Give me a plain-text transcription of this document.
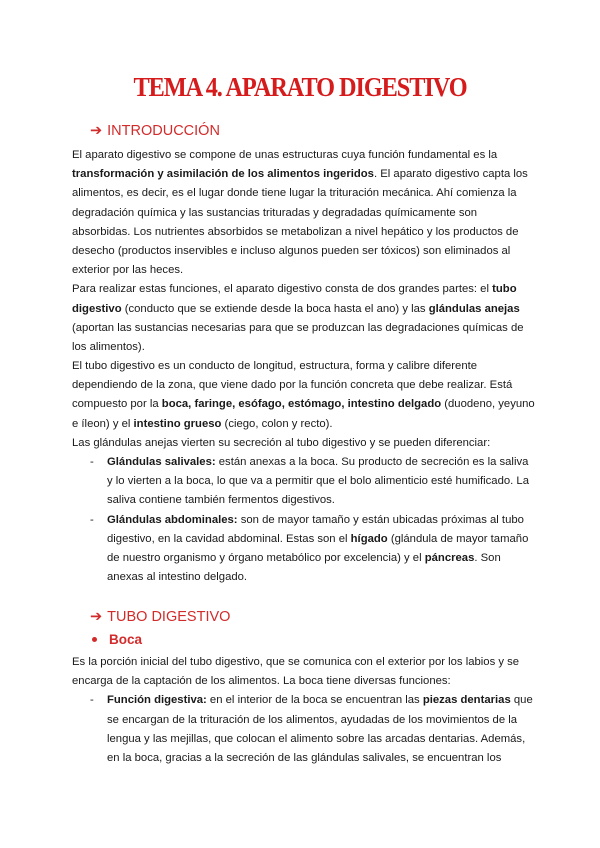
TEMA 4. APARATO DIGESTIVO
➔ INTRODUCCIÓN
El aparato digestivo se compone de unas estructuras cuya función fundamental es la
transformación y asimilación de los alimentos ingeridos. El aparato digestivo capta los
alimentos, es decir, es el lugar donde tiene lugar la trituración mecánica. Ahí comienza la
degradación química y las sustancias trituradas y degradadas químicamente son
absorbidas. Los nutrientes absorbidos se metabolizan a nivel hepático y los productos de
desecho (productos inservibles e incluso algunos pueden ser tóxicos) son eliminados al
exterior por las heces.
Para realizar estas funciones, el aparato digestivo consta de dos grandes partes: el tubo
digestivo (conducto que se extiende desde la boca hasta el ano) y las glándulas anejas
(aportan las sustancias necesarias para que se produzcan las degradaciones químicas de
los alimentos).
El tubo digestivo es un conducto de longitud, estructura, forma y calibre diferente
dependiendo de la zona, que viene dado por la función concreta que debe realizar. Está
compuesto por la boca, faringe, esófago, estómago, intestino delgado (duodeno, yeyuno
e íleon) y el intestino grueso (ciego, colon y recto).
Las glándulas anejas vierten su secreción al tubo digestivo y se pueden diferenciar:
- Glándulas salivales: están anexas a la boca. Su producto de secreción es la saliva
y lo vierten a la boca, lo que va a permitir que el bolo alimenticio esté humificado. La
saliva contiene también fermentos digestivos.
- Glándulas abdominales: son de mayor tamaño y están ubicadas próximas al tubo
digestivo, en la cavidad abdominal. Estas son el hígado (glándula de mayor tamaño
de nuestro organismo y órgano metabólico por excelencia) y el páncreas. Son
anexas al intestino delgado.
➔ TUBO DIGESTIVO
Boca
Es la porción inicial del tubo digestivo, que se comunica con el exterior por los labios y se
encarga de la captación de los alimentos. La boca tiene diversas funciones:
- Función digestiva: en el interior de la boca se encuentran las piezas dentarias que
se encargan de la trituración de los alimentos, ayudadas de los movimientos de la
lengua y las mejillas, que colocan el alimento sobre las arcadas dentarias. Además,
en la boca, gracias a la secreción de las glándulas salivales, se encuentran los
